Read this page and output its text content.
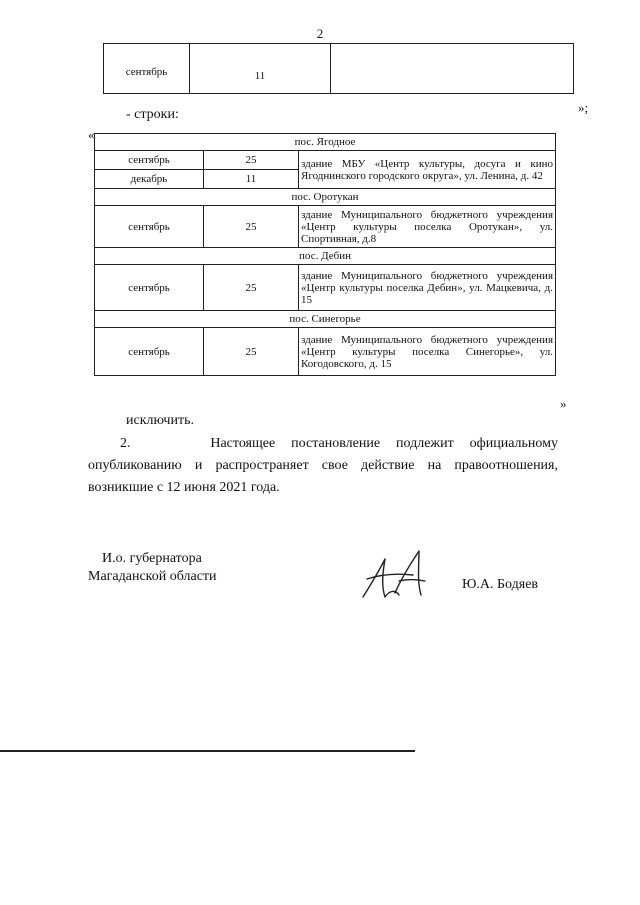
2
сентябрь	11	
»;
- строки:
«	пос. Ягодное		
сентябрь	25	здание МБУ «Центр культуры, досуга и кино Ягоднинского городского округа», ул. Ленина, д. 42
декабрь	11	
пос. Оротукан		
сентябрь	25	здание Муниципального бюджетного учреждения «Центр культуры поселка Оротукан», ул. Спортивная, д.8
пос. Дебин		
сентябрь	25	здание Муниципального бюджетного учреждения «Центр культуры поселка Дебин», ул. Мацкевича, д. 15
пос. Синегорье		
сентябрь	25	здание Муниципального бюджетного учреждения «Центр культуры поселка Синегорье», ул. Когодовского, д. 15
»
исключить.
2.	Настоящее постановление подлежит официальному
опубликованию и распространяет свое действие на правоотношения,
возникшие с 12 июня 2021 года.
И.о. губернатора
Магаданской области
Ю.А. Бодяев
